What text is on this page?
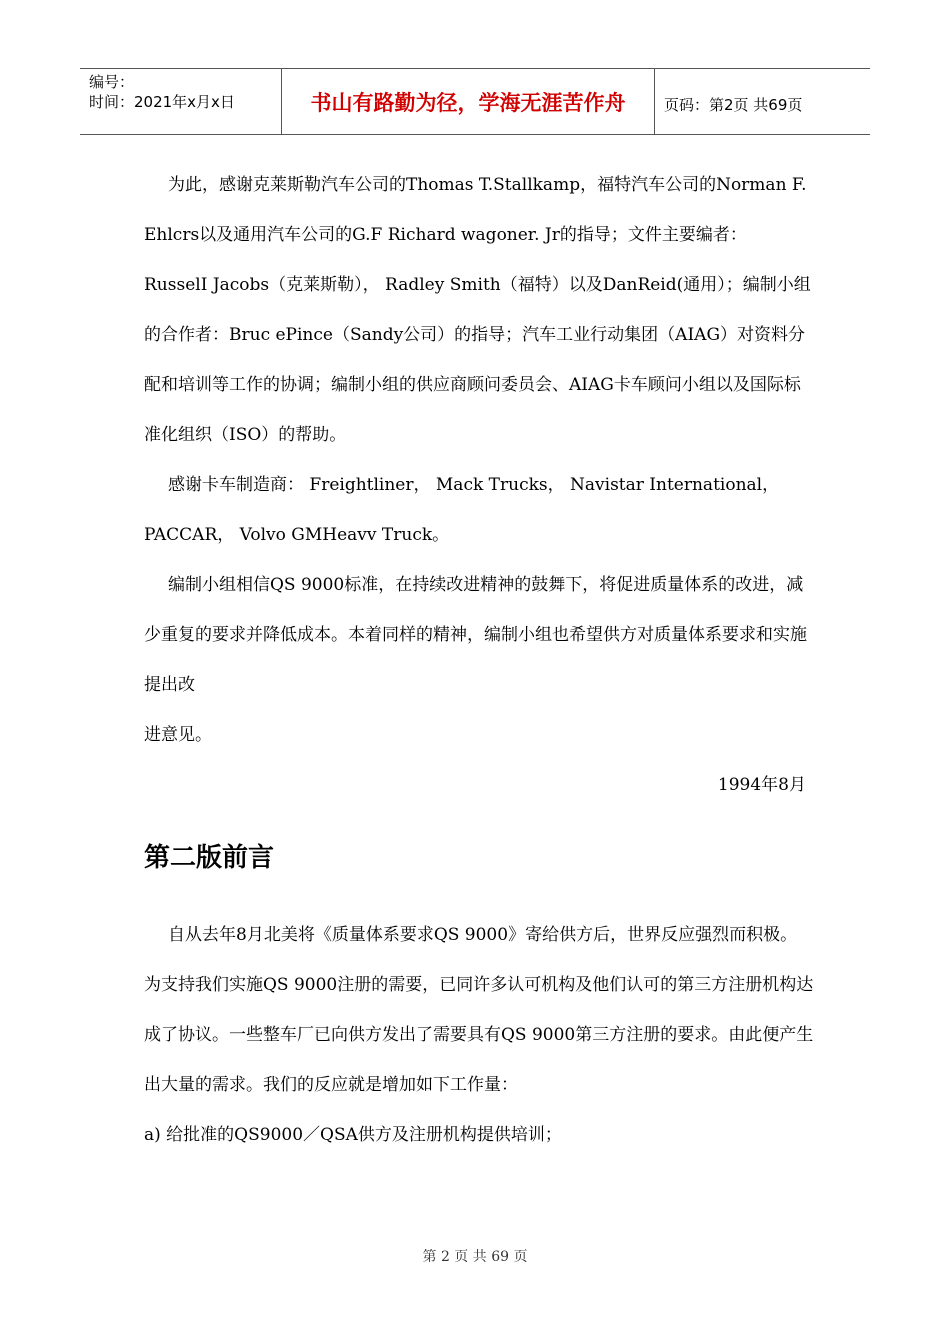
编号：
时间：2021年x月x日	书山有路勤为径，学海无涯苦作舟	页码：第2页 共69页

为此，感谢克莱斯勒汽车公司的Thomas T.Stallkamp，福特汽车公司的Norman F. Ehlcrs以及通用汽车公司的G.F Richard wagoner. Jr的指导；文件主要编者： RusselI Jacobs（克莱斯勒）， Radley Smith（福特）以及DanReid(通用）；编制小组的合作者：Bruc ePince（Sandy公司）的指导；汽车工业行动集团（AIAG）对资料分配和培训等工作的协调；编制小组的供应商顾问委员会、AIAG卡车顾问小组以及国际标准化组织（ISO）的帮助。

感谢卡车制造商： Freightliner， Mack Trucks， Navistar International，PACCAR， Volvo GMHeavv Truck。

编制小组相信QS 9000标准，在持续改进精神的鼓舞下，将促进质量体系的改进，减少重复的要求并降低成本。本着同样的精神，编制小组也希望供方对质量体系要求和实施提出改

进意见。

1994年8月

第二版前言

自从去年8月北美将《质量体系要求QS 9000》寄给供方后，世界反应强烈而积极。为支持我们实施QS 9000注册的需要，已同许多认可机构及他们认可的第三方注册机构达成了协议。一些整车厂已向供方发出了需要具有QS 9000第三方注册的要求。由此便产生出大量的需求。我们的反应就是增加如下工作量：

a) 给批准的QS9000／QSA供方及注册机构提供培训；

第 2 页 共 69 页
